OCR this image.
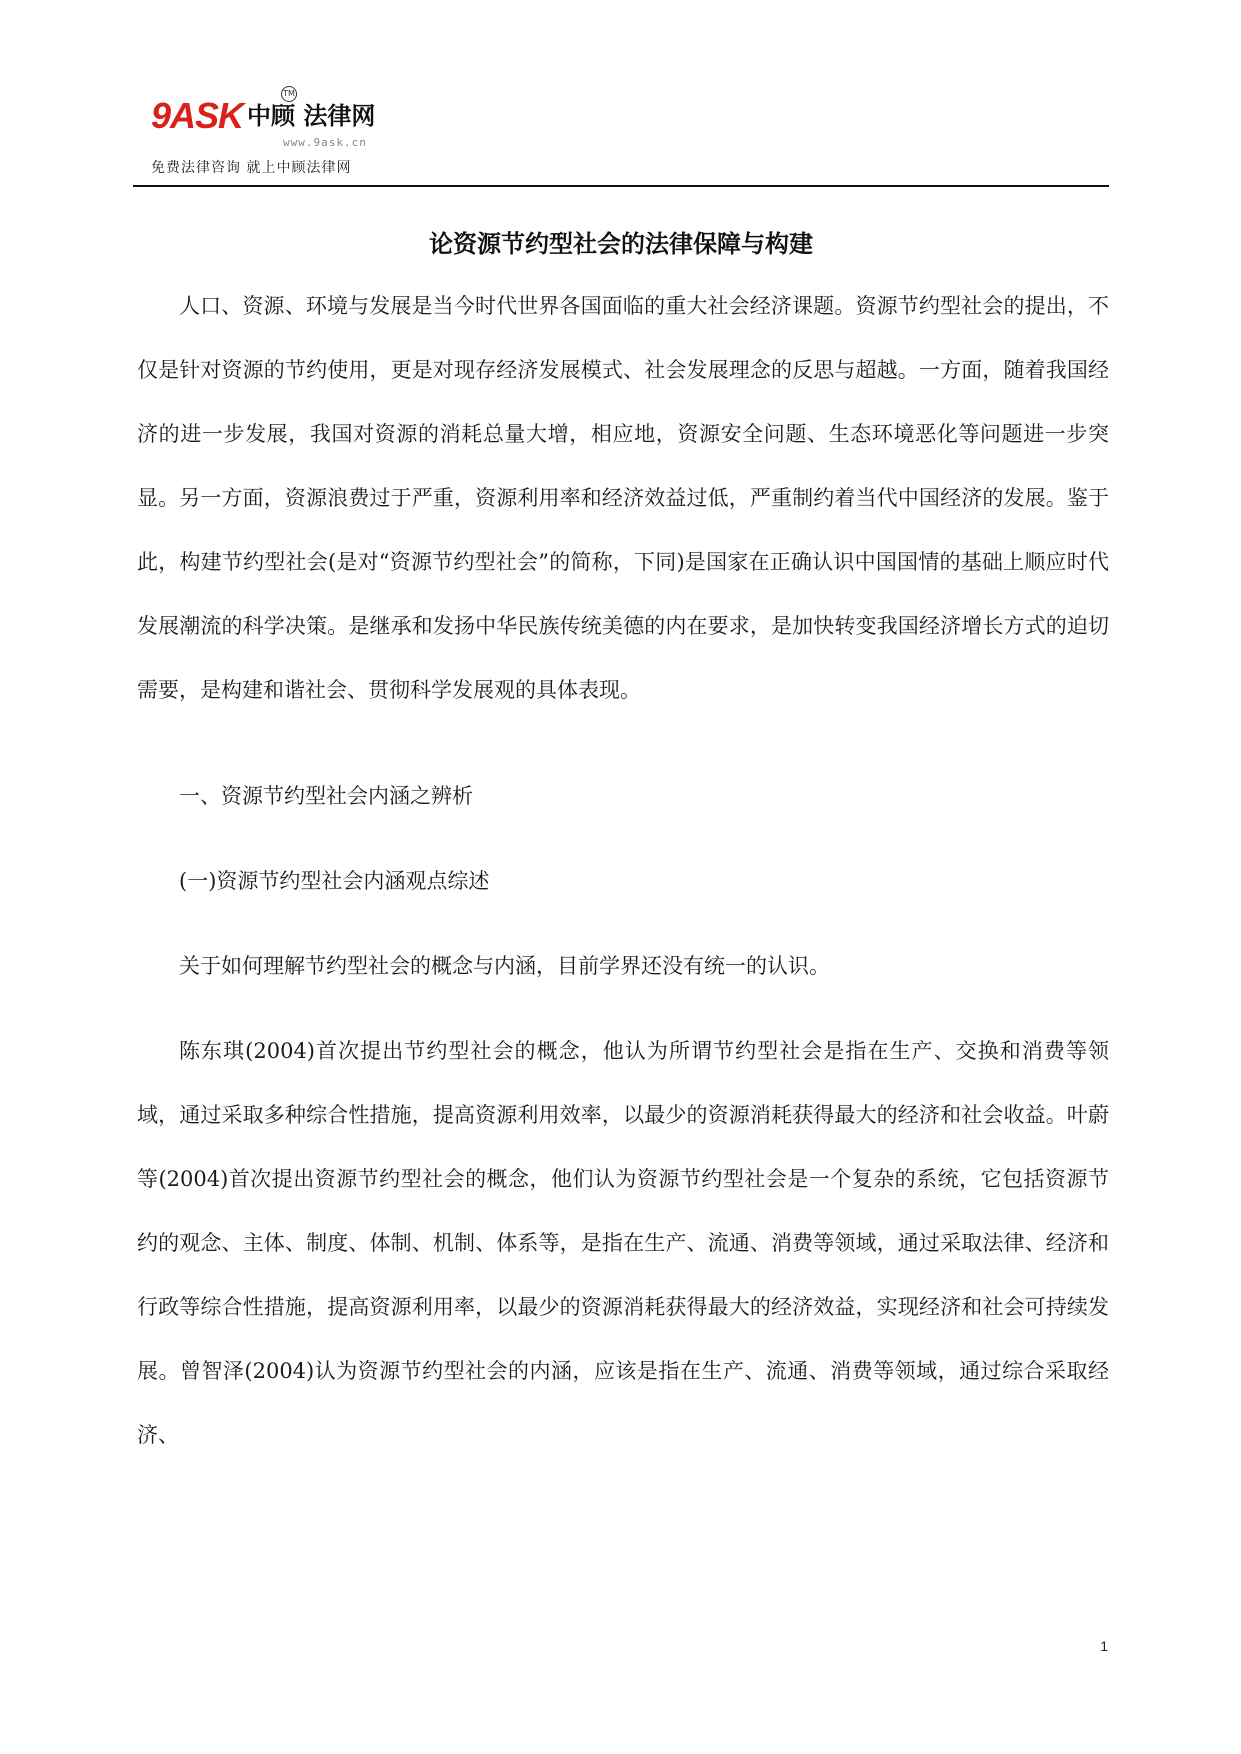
9ASK 中顾 法律网
TM
www.9ask.cn
免费法律咨询 就上中顾法律网
论资源节约型社会的法律保障与构建

人口、资源、环境与发展是当今时代世界各国面临的重大社会经济课题。资源节约型社会的提出，不仅是针对资源的节约使用，更是对现存经济发展模式、社会发展理念的反思与超越。一方面，随着我国经济的进一步发展，我国对资源的消耗总量大增，相应地，资源安全问题、生态环境恶化等问题进一步突显。另一方面，资源浪费过于严重，资源利用率和经济效益过低，严重制约着当代中国经济的发展。鉴于此，构建节约型社会(是对“资源节约型社会”的简称，下同)是国家在正确认识中国国情的基础上顺应时代发展潮流的科学决策。是继承和发扬中华民族传统美德的内在要求，是加快转变我国经济增长方式的迫切需要，是构建和谐社会、贯彻科学发展观的具体表现。

一、资源节约型社会内涵之辨析

(一)资源节约型社会内涵观点综述

关于如何理解节约型社会的概念与内涵，目前学界还没有统一的认识。

陈东琪(2004)首次提出节约型社会的概念，他认为所谓节约型社会是指在生产、交换和消费等领域，通过采取多种综合性措施，提高资源利用效率，以最少的资源消耗获得最大的经济和社会收益。叶蔚等(2004)首次提出资源节约型社会的概念，他们认为资源节约型社会是一个复杂的系统，它包括资源节约的观念、主体、制度、体制、机制、体系等，是指在生产、流通、消费等领域，通过采取法律、经济和行政等综合性措施，提高资源利用率，以最少的资源消耗获得最大的经济效益，实现经济和社会可持续发展。曾智泽(2004)认为资源节约型社会的内涵，应该是指在生产、流通、消费等领域，通过综合采取经济、

1
